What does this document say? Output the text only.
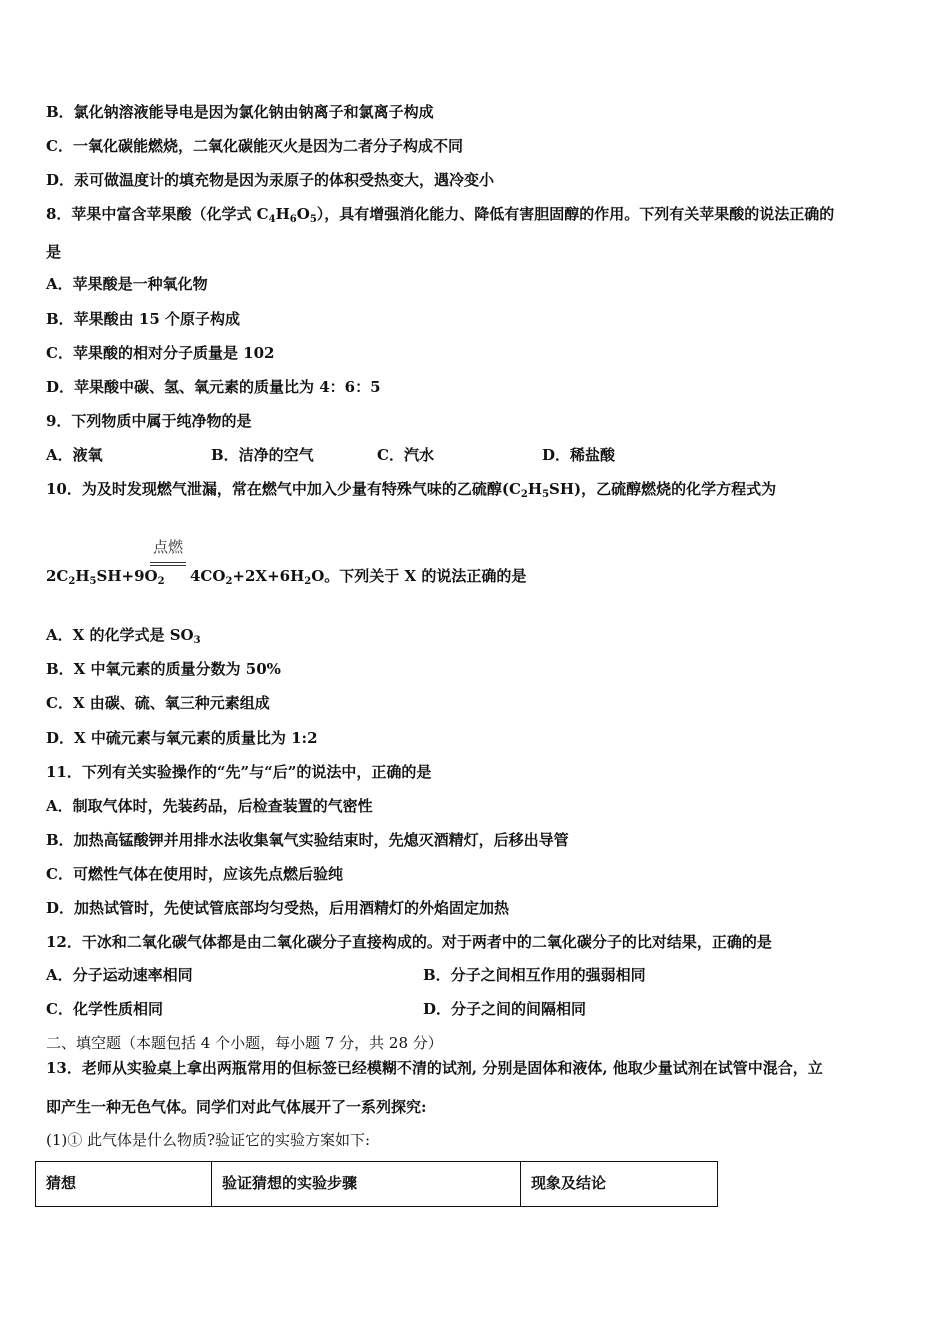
B．氯化钠溶液能导电是因为氯化钠由钠离子和氯离子构成
C．一氧化碳能燃烧，二氧化碳能灭火是因为二者分子构成不同
D．汞可做温度计的填充物是因为汞原子的体积受热变大，遇冷变小
8．苹果中富含苹果酸（化学式 $C_4H_6O_5$），具有增强消化能力、降低有害胆固醇的作用。下列有关苹果酸的说法正确的
是
A．苹果酸是一种氧化物
B．苹果酸由 15 个原子构成
C．苹果酸的相对分子质量是 102
D．苹果酸中碳、氢、氧元素的质量比为 4：6：5
9．下列物质中属于纯净物的是
A．液氧	B．洁净的空气	C．汽水	D．稀盐酸
10．为及时发现燃气泄漏，常在燃气中加入少量有特殊气味的乙硫醇$(C_2H_5SH)$，乙硫醇燃烧的化学方程式为
点燃
$2C_2H_5SH+9O_2$ $4CO_2+2X+6H_2O$。下列关于 X 的说法正确的是
A．X 的化学式是 $SO_3$
B．X 中氧元素的质量分数为 50%
C．X 由碳、硫、氧三种元素组成
D．X 中硫元素与氧元素的质量比为 1:2
11．下列有关实验操作的“先”与“后”的说法中，正确的是
A．制取气体时，先装药品，后检查装置的气密性
B．加热高锰酸钾并用排水法收集氧气实验结束时，先熄灭酒精灯，后移出导管
C．可燃性气体在使用时，应该先点燃后验纯
D．加热试管时，先使试管底部均匀受热，后用酒精灯的外焰固定加热
12．干冰和二氧化碳气体都是由二氧化碳分子直接构成的。对于两者中的二氧化碳分子的比对结果，正确的是
A．分子运动速率相同	B．分子之间相互作用的强弱相同
C．化学性质相同	D．分子之间的间隔相同
二、填空题（本题包括 4 个小题，每小题 7 分，共 28 分）
13．老师从实验桌上拿出两瓶常用的但标签已经模糊不清的试剂, 分别是固体和液体, 他取少量试剂在试管中混合，立
即产生一种无色气体。同学们对此气体展开了一系列探究:
(1)① 此气体是什么物质?验证它的实验方案如下:
猜想	验证猜想的实验步骤	现象及结论
